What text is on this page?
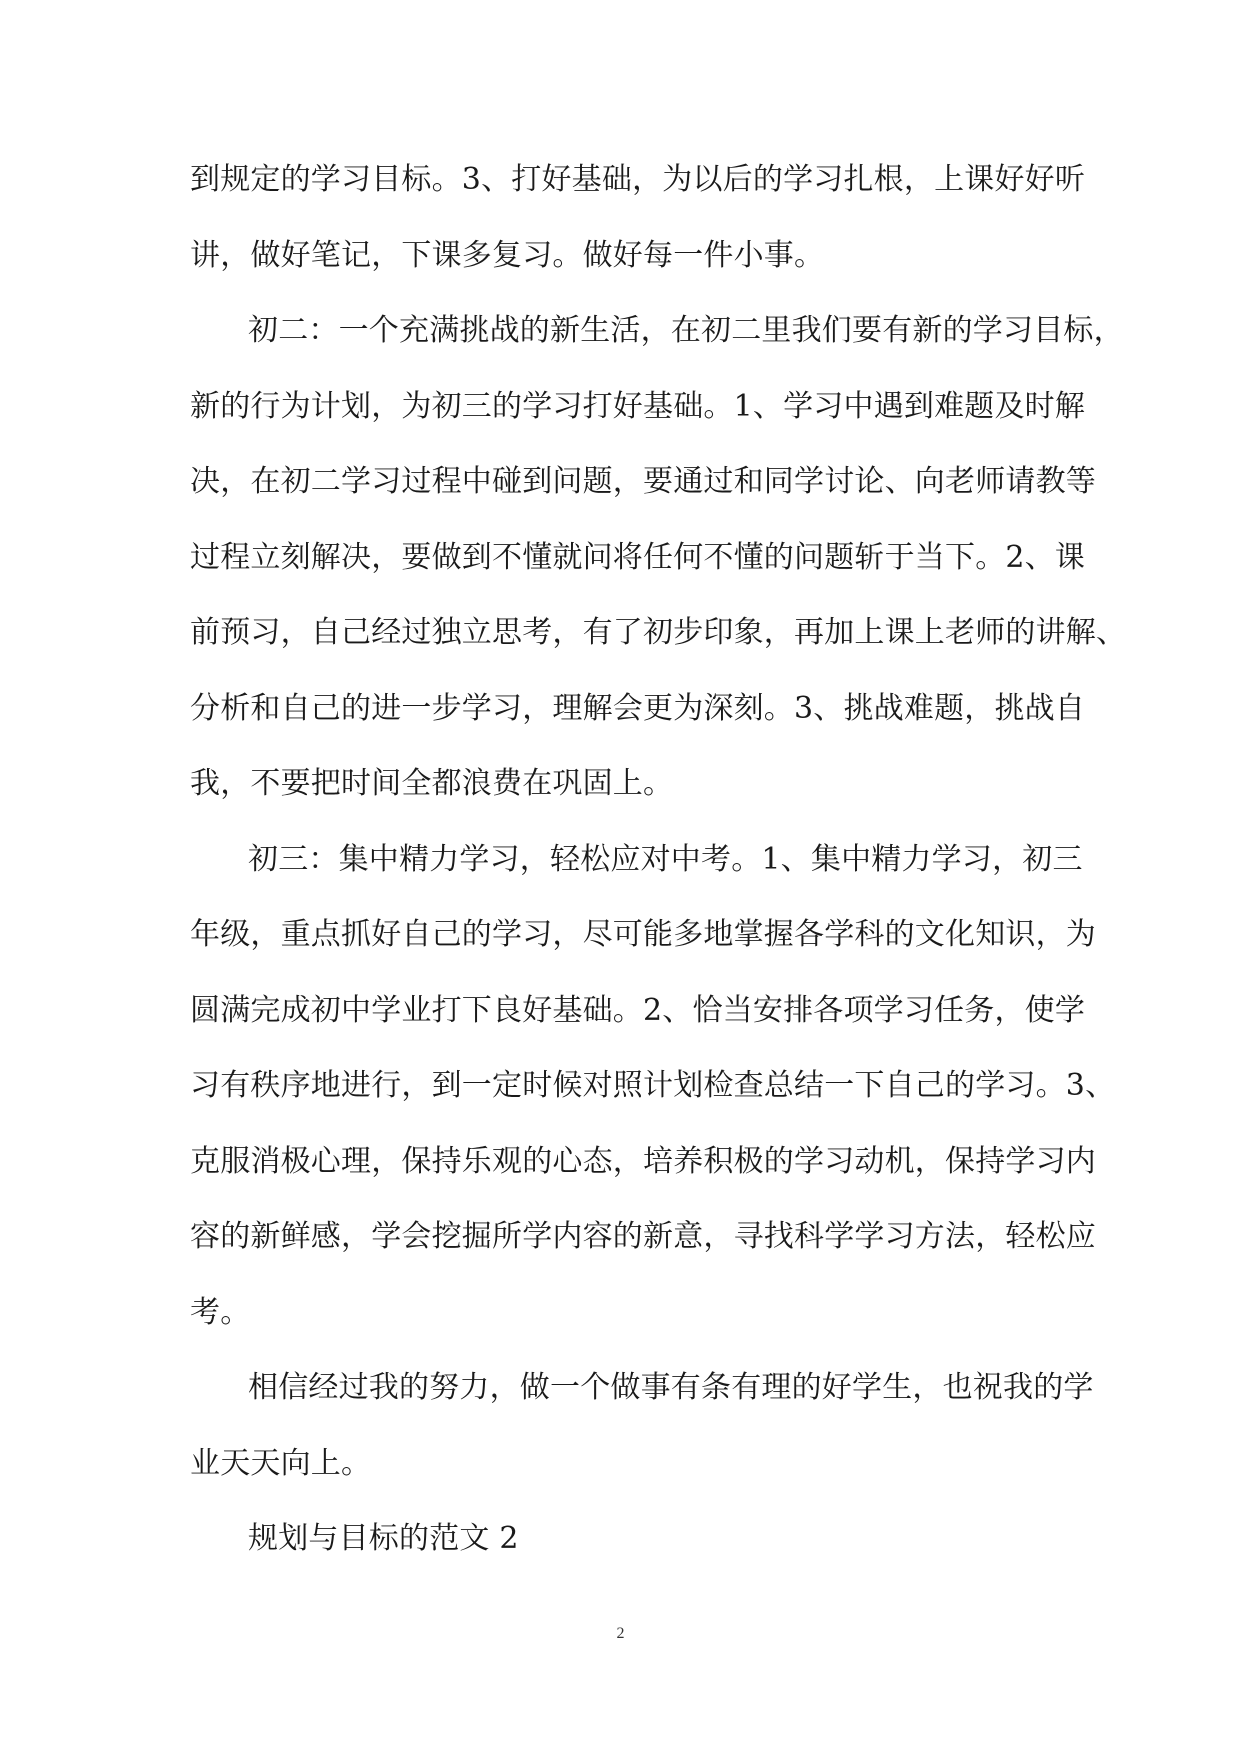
到规定的学习目标。3、打好基础，为以后的学习扎根，上课好好听
讲，做好笔记，下课多复习。做好每一件小事。
初二：一个充满挑战的新生活，在初二里我们要有新的学习目标，
新的行为计划，为初三的学习打好基础。1、学习中遇到难题及时解
决，在初二学习过程中碰到问题，要通过和同学讨论、向老师请教等
过程立刻解决，要做到不懂就问将任何不懂的问题斩于当下。2、课
前预习，自己经过独立思考，有了初步印象，再加上课上老师的讲解、
分析和自己的进一步学习，理解会更为深刻。3、挑战难题，挑战自
我，不要把时间全都浪费在巩固上。
初三：集中精力学习，轻松应对中考。1、集中精力学习，初三
年级，重点抓好自己的学习，尽可能多地掌握各学科的文化知识，为
圆满完成初中学业打下良好基础。2、恰当安排各项学习任务，使学
习有秩序地进行，到一定时候对照计划检查总结一下自己的学习。3、
克服消极心理，保持乐观的心态，培养积极的学习动机，保持学习内
容的新鲜感，学会挖掘所学内容的新意，寻找科学学习方法，轻松应
考。
相信经过我的努力，做一个做事有条有理的好学生，也祝我的学
业天天向上。
规划与目标的范文 2
2
